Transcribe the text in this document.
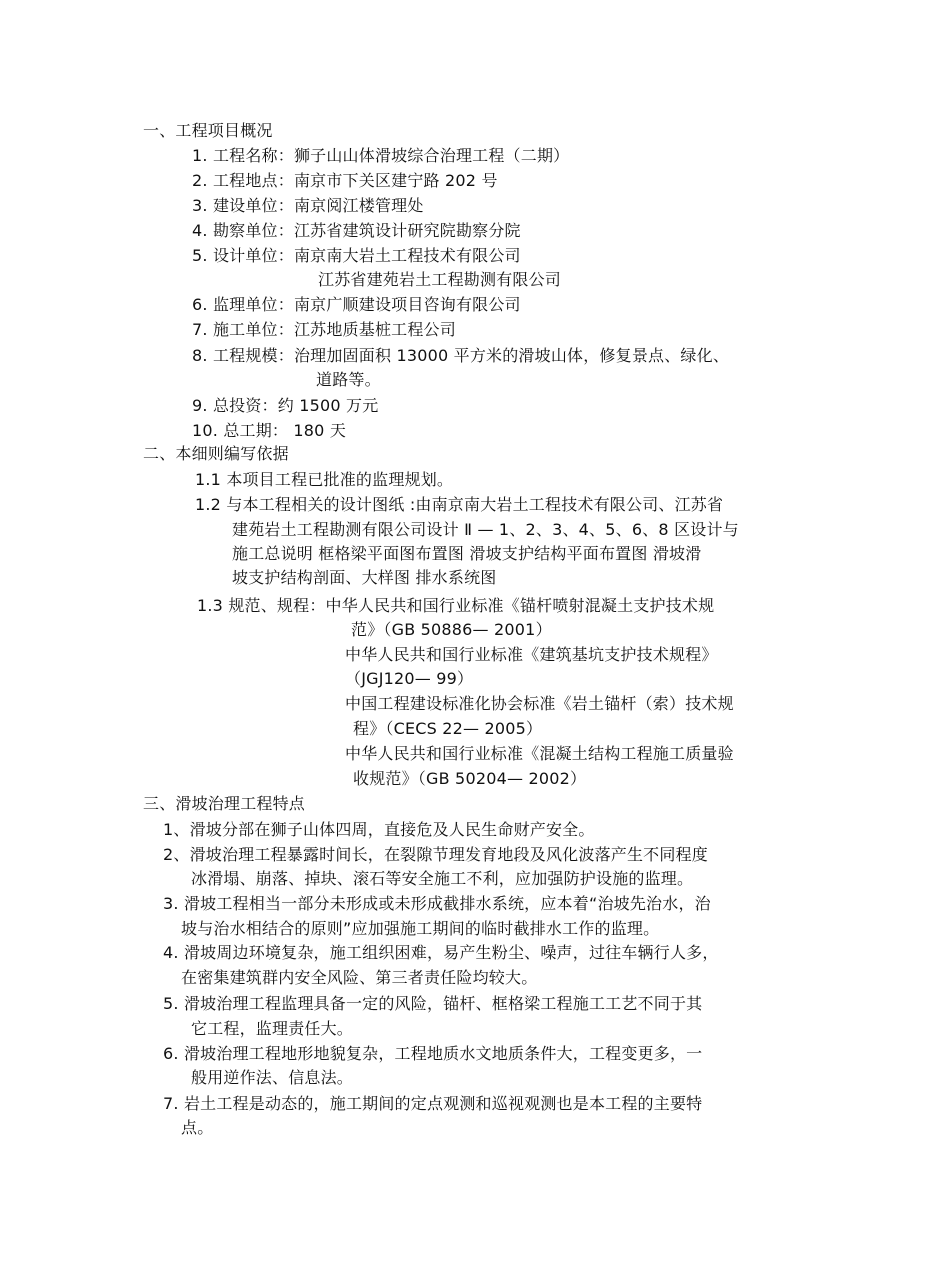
一、工程项目概况
1. 工程名称：狮子山山体滑坡综合治理工程（二期）
2. 工程地点：南京市下关区建宁路 202 号
3. 建设单位：南京阅江楼管理处
4. 勘察单位：江苏省建筑设计研究院勘察分院
5. 设计单位：南京南大岩土工程技术有限公司
江苏省建苑岩土工程勘测有限公司
6. 监理单位：南京广顺建设项目咨询有限公司
7. 施工单位：江苏地质基桩工程公司
8. 工程规模：治理加固面积 13000 平方米的滑坡山体，修复景点、绿化、
道路等。
9. 总投资：约 1500 万元
10. 总工期： 180 天
二、本细则编写依据
1.1 本项目工程已批准的监理规划。
1.2 与本工程相关的设计图纸 :由南京南大岩土工程技术有限公司、江苏省
建苑岩土工程勘测有限公司设计 Ⅱ — 1、2、3、4、5、6、8 区设计与
施工总说明 框格梁平面图布置图 滑坡支护结构平面布置图 滑坡滑
坡支护结构剖面、大样图 排水系统图
1.3 规范、规程：中华人民共和国行业标准《锚杆喷射混凝土支护技术规
范》（GB 50886— 2001）
中华人民共和国行业标准《建筑基坑支护技术规程》
（JGJ120— 99）
中国工程建设标准化协会标准《岩土锚杆（索）技术规
程》（CECS 22— 2005）
中华人民共和国行业标准《混凝土结构工程施工质量验
收规范》（GB 50204— 2002）
三、滑坡治理工程特点
1、滑坡分部在狮子山体四周，直接危及人民生命财产安全。
2、滑坡治理工程暴露时间长，在裂隙节理发育地段及风化波落产生不同程度
冰滑塌、崩落、掉块、滚石等安全施工不利，应加强防护设施的监理。
3. 滑坡工程相当一部分未形成或未形成截排水系统，应本着“治坡先治水，治
坡与治水相结合的原则”应加强施工期间的临时截排水工作的监理。
4. 滑坡周边环境复杂，施工组织困难，易产生粉尘、噪声，过往车辆行人多，
在密集建筑群内安全风险、第三者责任险均较大。
5. 滑坡治理工程监理具备一定的风险，锚杆、框格梁工程施工工艺不同于其
它工程，监理责任大。
6. 滑坡治理工程地形地貌复杂，工程地质水文地质条件大，工程变更多，一
般用逆作法、信息法。
7. 岩土工程是动态的，施工期间的定点观测和巡视观测也是本工程的主要特
点。
